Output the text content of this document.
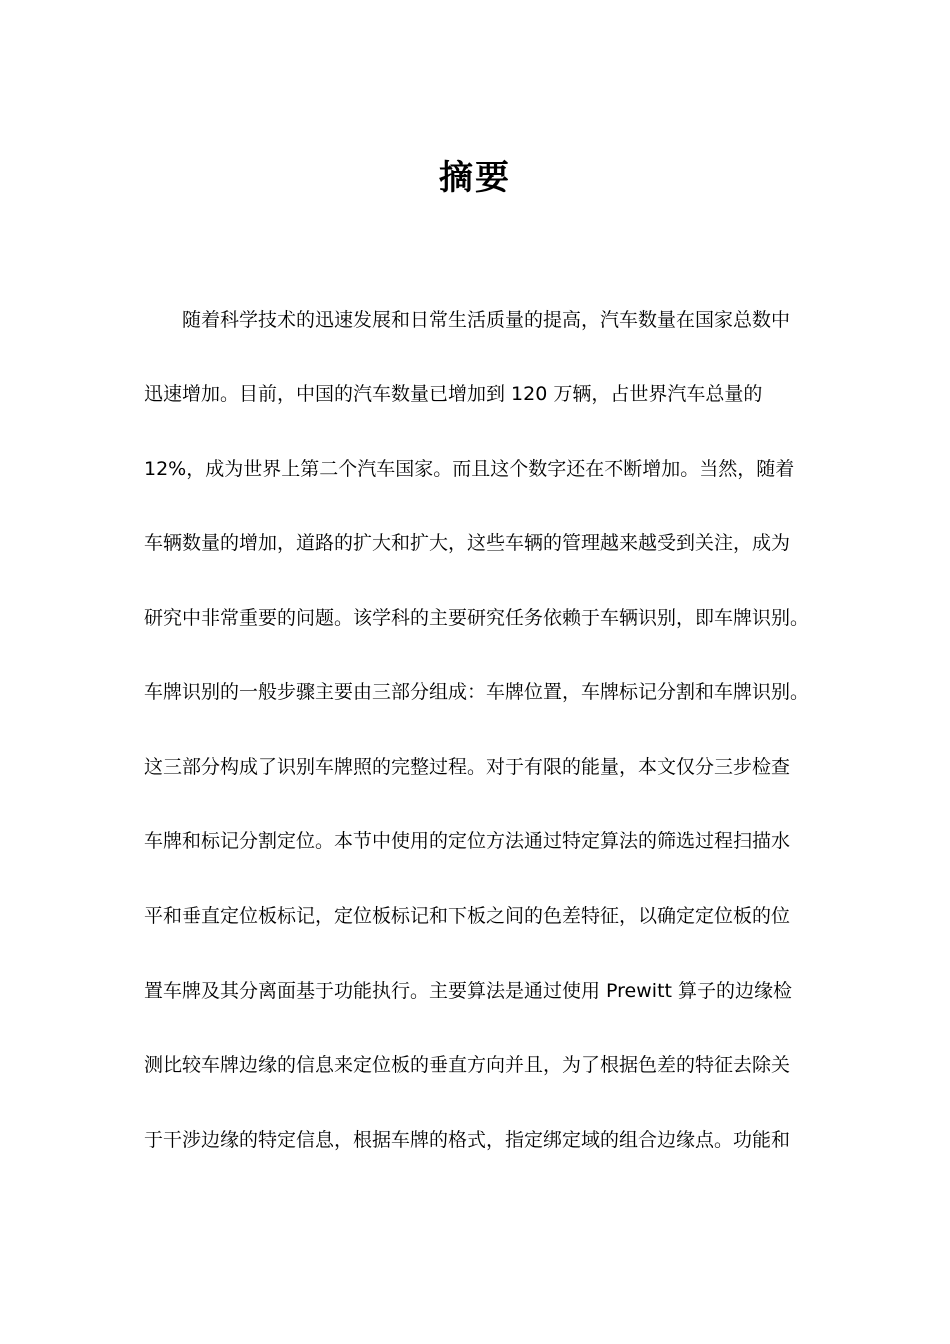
摘要

随着科学技术的迅速发展和日常生活质量的提高，汽车数量在国家总数中

迅速增加。目前，中国的汽车数量已增加到 120 万辆，占世界汽车总量的

12%，成为世界上第二个汽车国家。而且这个数字还在不断增加。当然，随着

车辆数量的增加，道路的扩大和扩大，这些车辆的管理越来越受到关注，成为

研究中非常重要的问题。该学科的主要研究任务依赖于车辆识别，即车牌识别。

车牌识别的一般步骤主要由三部分组成：车牌位置，车牌标记分割和车牌识别。

这三部分构成了识别车牌照的完整过程。对于有限的能量，本文仅分三步检查

车牌和标记分割定位。本节中使用的定位方法通过特定算法的筛选过程扫描水

平和垂直定位板标记，定位板标记和下板之间的色差特征，以确定定位板的位

置车牌及其分离面基于功能执行。主要算法是通过使用 Prewitt 算子的边缘检

测比较车牌边缘的信息来定位板的垂直方向并且，为了根据色差的特征去除关

于干涉边缘的特定信息，根据车牌的格式，指定绑定域的组合边缘点。功能和
